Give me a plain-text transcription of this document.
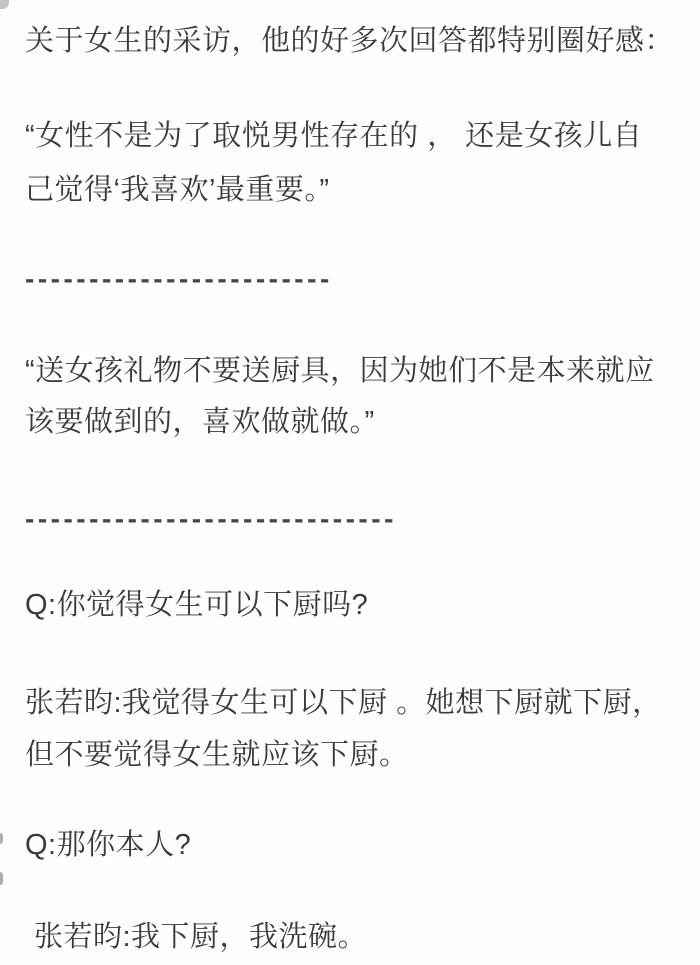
关于女生的采访，他的好多次回答都特别圈好感：
“女性不是为了取悦男性存在的 ， 还是女孩儿自
己觉得‘我喜欢’最重要。”
------------------------
“送女孩礼物不要送厨具，因为她们不是本来就应
该要做到的，喜欢做就做。”
-----------------------------
Q:你觉得女生可以下厨吗?
张若昀:我觉得女生可以下厨 。她想下厨就下厨，
但不要觉得女生就应该下厨。
Q:那你本人?
张若昀:我下厨，我洗碗。
